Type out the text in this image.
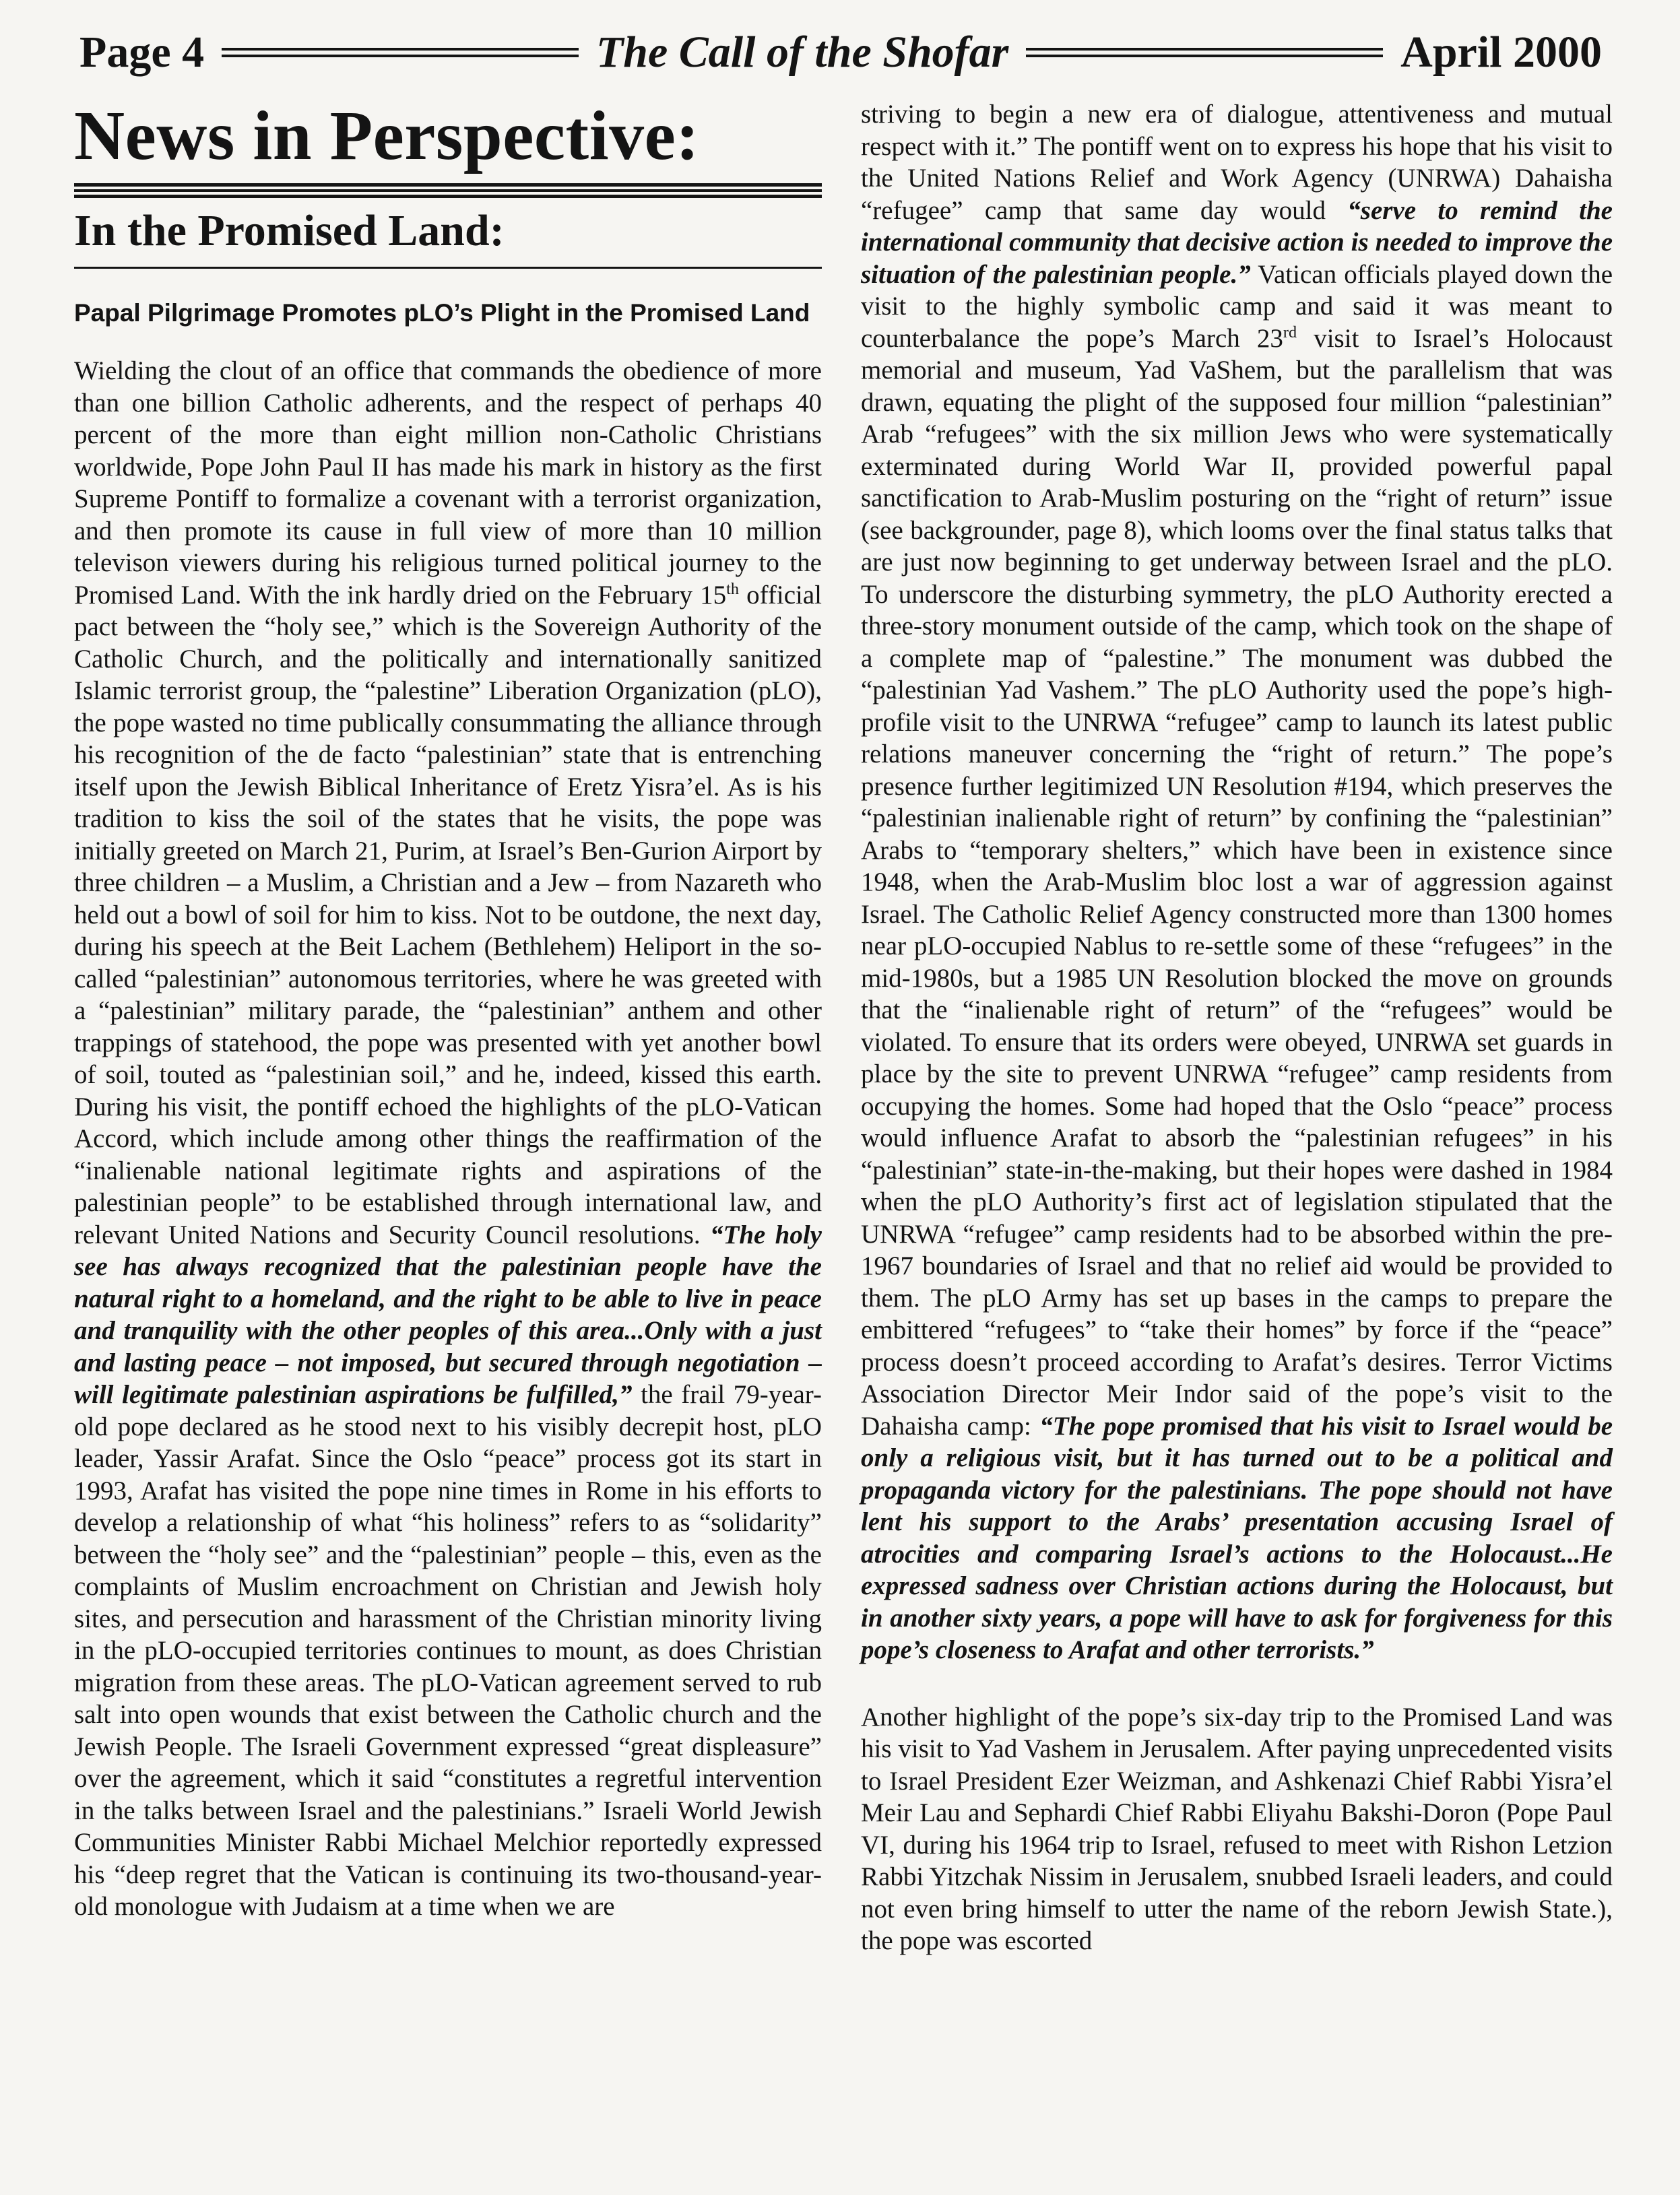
Page 4	The Call of the Shofar	April 2000
News in Perspective:
In the Promised Land:
Papal Pilgrimage Promotes pLO’s Plight in the Promised Land

Wielding the clout of an office that commands the obedience of more than one billion Catholic adherents, and the respect of perhaps 40 percent of the more than eight million non-Catholic Christians worldwide, Pope John Paul II has made his mark in history as the first Supreme Pontiff to formalize a covenant with a terrorist organization, and then promote its cause in full view of more than 10 million televison viewers during his religious turned political journey to the Promised Land. With the ink hardly dried on the February 15th official pact between the “holy see,” which is the Sovereign Authority of the Catholic Church, and the politically and internationally sanitized Islamic terrorist group, the “palestine” Liberation Organization (pLO), the pope wasted no time publically consummating the alliance through his recognition of the de facto “palestinian” state that is entrenching itself upon the Jewish Biblical Inheritance of Eretz Yisra’el. As is his tradition to kiss the soil of the states that he visits, the pope was initially greeted on March 21, Purim, at Israel’s Ben-Gurion Airport by three children – a Muslim, a Christian and a Jew – from Nazareth who held out a bowl of soil for him to kiss. Not to be outdone, the next day, during his speech at the Beit Lachem (Bethlehem) Heliport in the so-called “palestinian” autonomous territories, where he was greeted with a “palestinian” military parade, the “palestinian” anthem and other trappings of statehood, the pope was presented with yet another bowl of soil, touted as “palestinian soil,” and he, indeed, kissed this earth. During his visit, the pontiff echoed the highlights of the pLO-Vatican Accord, which include among other things the reaffirmation of the “inalienable national legitimate rights and aspirations of the palestinian people” to be established through international law, and relevant United Nations and Security Council resolutions. “The holy see has always recognized that the palestinian people have the natural right to a homeland, and the right to be able to live in peace and tranquility with the other peoples of this area...Only with a just and lasting peace – not imposed, but secured through negotiation – will legitimate palestinian aspirations be fulfilled,” the frail 79-year-old pope declared as he stood next to his visibly decrepit host, pLO leader, Yassir Arafat. Since the Oslo “peace” process got its start in 1993, Arafat has visited the pope nine times in Rome in his efforts to develop a relationship of what “his holiness” refers to as “solidarity” between the “holy see” and the “palestinian” people – this, even as the complaints of Muslim encroachment on Christian and Jewish holy sites, and persecution and harassment of the Christian minority living in the pLO-occupied territories continues to mount, as does Christian migration from these areas. The pLO-Vatican agreement served to rub salt into open wounds that exist between the Catholic church and the Jewish People. The Israeli Government expressed “great displeasure” over the agreement, which it said “constitutes a regretful intervention in the talks between Israel and the palestinians.” Israeli World Jewish Communities Minister Rabbi Michael Melchior reportedly expressed his “deep regret that the Vatican is continuing its two-thousand-year-old monologue with Judaism at a time when we are

striving to begin a new era of dialogue, attentiveness and mutual respect with it.” The pontiff went on to express his hope that his visit to the United Nations Relief and Work Agency (UNRWA) Dahaisha “refugee” camp that same day would “serve to remind the international community that decisive action is needed to improve the situation of the palestinian people.” Vatican officials played down the visit to the highly symbolic camp and said it was meant to counterbalance the pope’s March 23rd visit to Israel’s Holocaust memorial and museum, Yad VaShem, but the parallelism that was drawn, equating the plight of the supposed four million “palestinian” Arab “refugees” with the six million Jews who were systematically exterminated during World War II, provided powerful papal sanctification to Arab-Muslim posturing on the “right of return” issue (see backgrounder, page 8), which looms over the final status talks that are just now beginning to get underway between Israel and the pLO. To underscore the disturbing symmetry, the pLO Authority erected a three-story monument outside of the camp, which took on the shape of a complete map of “palestine.” The monument was dubbed the “palestinian Yad Vashem.” The pLO Authority used the pope’s high-profile visit to the UNRWA “refugee” camp to launch its latest public relations maneuver concerning the “right of return.” The pope’s presence further legitimized UN Resolution #194, which preserves the “palestinian inalienable right of return” by confining the “palestinian” Arabs to “temporary shelters,” which have been in existence since 1948, when the Arab-Muslim bloc lost a war of aggression against Israel. The Catholic Relief Agency constructed more than 1300 homes near pLO-occupied Nablus to re-settle some of these “refugees” in the mid-1980s, but a 1985 UN Resolution blocked the move on grounds that the “inalienable right of return” of the “refugees” would be violated. To ensure that its orders were obeyed, UNRWA set guards in place by the site to prevent UNRWA “refugee” camp residents from occupying the homes. Some had hoped that the Oslo “peace” process would influence Arafat to absorb the “palestinian refugees” in his “palestinian” state-in-the-making, but their hopes were dashed in 1984 when the pLO Authority’s first act of legislation stipulated that the UNRWA “refugee” camp residents had to be absorbed within the pre-1967 boundaries of Israel and that no relief aid would be provided to them. The pLO Army has set up bases in the camps to prepare the embittered “refugees” to “take their homes” by force if the “peace” process doesn’t proceed according to Arafat’s desires. Terror Victims Association Director Meir Indor said of the pope’s visit to the Dahaisha camp: “The pope promised that his visit to Israel would be only a religious visit, but it has turned out to be a political and propaganda victory for the palestinians. The pope should not have lent his support to the Arabs’ presentation accusing Israel of atrocities and comparing Israel’s actions to the Holocaust...He expressed sadness over Christian actions during the Holocaust, but in another sixty years, a pope will have to ask for forgiveness for this pope’s closeness to Arafat and other terrorists.”

Another highlight of the pope’s six-day trip to the Promised Land was his visit to Yad Vashem in Jerusalem. After paying unprecedented visits to Israel President Ezer Weizman, and Ashkenazi Chief Rabbi Yisra’el Meir Lau and Sephardi Chief Rabbi Eliyahu Bakshi-Doron (Pope Paul VI, during his 1964 trip to Israel, refused to meet with Rishon Letzion Rabbi Yitzchak Nissim in Jerusalem, snubbed Israeli leaders, and could not even bring himself to utter the name of the reborn Jewish State.), the pope was escorted
